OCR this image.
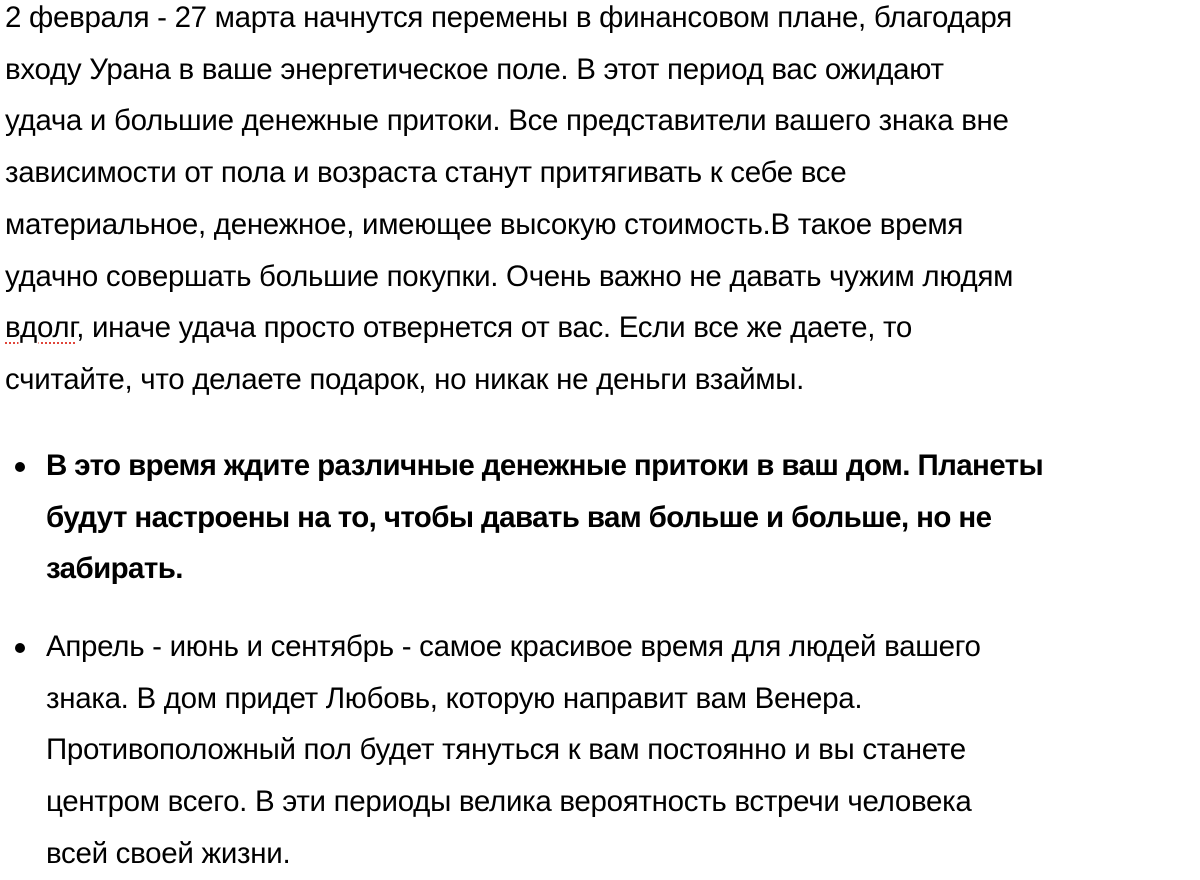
2 февраля - 27 марта начнутся перемены в финансовом плане, благодаря
входу Урана в ваше энергетическое поле. В этот период вас ожидают
удача и большие денежные притоки. Все представители вашего знака вне
зависимости от пола и возраста станут притягивать к себе все
материальное, денежное, имеющее высокую стоимость.В такое время
удачно совершать большие покупки. Очень важно не давать чужим людям
вдолг, иначе удача просто отвернется от вас. Если все же даете, то
считайте, что делаете подарок, но никак не деньги взаймы.
В это время ждите различные денежные притоки в ваш дом. Планеты
будут настроены на то, чтобы давать вам больше и больше, но не
забирать.
Апрель - июнь и сентябрь - самое красивое время для людей вашего
знака. В дом придет Любовь, которую направит вам Венера.
Противоположный пол будет тянуться к вам постоянно и вы станете
центром всего. В эти периоды велика вероятность встречи человека
всей своей жизни.
